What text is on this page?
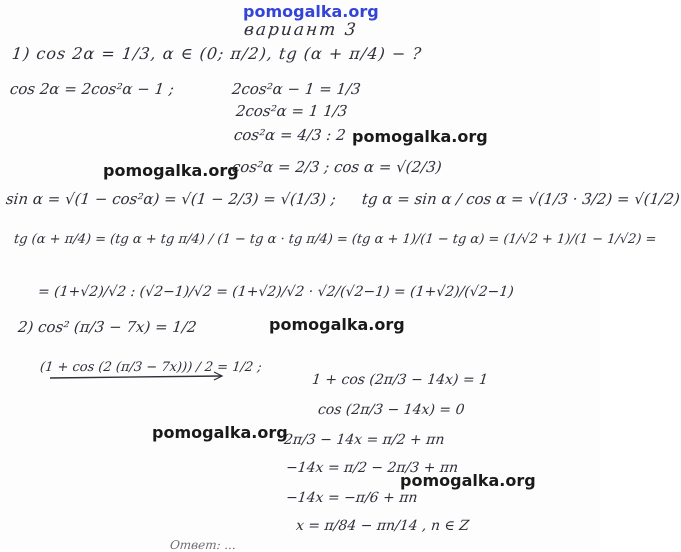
вариант 3
1) cos 2α = 1/3, α ∈ (0; π/2), tg (α + π/4) − ?
cos 2α = 2cos²α − 1 ;	2cos²α − 1 = 1/3
2cos²α = 1 1/3
cos²α = 4/3 : 2
cos²α = 2/3 ; cos α = √(2/3)
sin α = √(1 − cos²α) = √(1 − 2/3) = √(1/3) ; tg α = sin α / cos α = √(1/3 · 3/2) = √(1/2)
tg (α + π/4) = (tg α + tg π/4) / (1 − tg α · tg π/4) = (tg α + 1)/(1 − tg α) = (1/√2 + 1)/(1 − 1/√2) =
= (1+√2)/√2 : (√2−1)/√2 = (1+√2)/√2 · √2/(√2−1) = (1+√2)/(√2−1)
2) cos² (π/3 − 7x) = 1/2
(1 + cos (2 (π/3 − 7x))) / 2 = 1/2 ;
1 + cos (2π/3 − 14x) = 1
cos (2π/3 − 14x) = 0
2π/3 − 14x = π/2 + πn
−14x = π/2 − 2π/3 + πn
−14x = −π/6 + πn
x = π/84 − πn/14 , n ∈ Z
Ответ: ...
pomogalka.org
pomogalka.org
pomogalka.org
pomogalka.org
pomogalka.org
pomogalka.org
